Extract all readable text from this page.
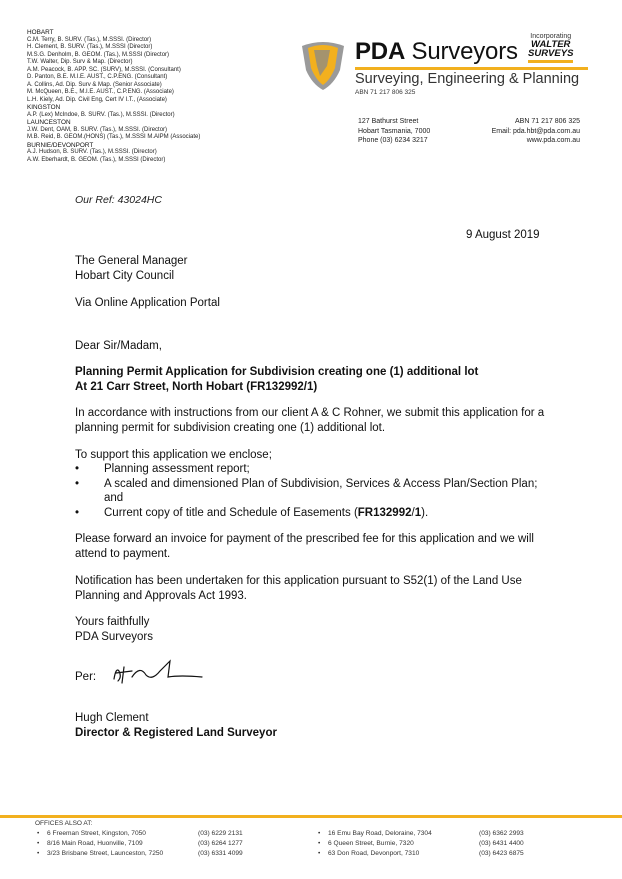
HOBART
C.M. Terry, B. SURV. (Tas.), M.SSSI. (Director)
H. Clement, B. SURV. (Tas.), M.SSSI (Director)
M.S.G. Denholm, B. GEOM. (Tas.), M.SSSI (Director)
T.W. Walter, Dip. Surv & Map. (Director)
A.M. Peacock, B. APP. SC. (SURV), M.SSSI. (Consultant)
D. Panton, B.E. M.I.E. AUST., C.P.ENG. (Consultant)
A. Collins, Ad. Dip. Surv & Map. (Senior Associate)
M. McQueen, B.E., M.I.E. AUST., C.P.ENG. (Associate)
L.H. Kiely, Ad. Dip. Civil Eng, Cert IV I.T., (Associate)
KINGSTON
A.P. (Lex) McIndoe, B. SURV. (Tas.), M.SSSI. (Director)
LAUNCESTON
J.W. Dent, OAM, B. SURV. (Tas.), M.SSSI. (Director)
M.B. Reid, B. GEOM.(HONS) (Tas.), M.SSSI M.AIPM (Associate)
BURNIE/DEVONPORT
A.J. Hudson, B. SURV. (Tas.), M.SSSI. (Director)
A.W. Eberhardt, B. GEOM. (Tas.), M.SSSI (Director)
PDA Surveyors
Surveying, Engineering & Planning
ABN 71 217 806 325
Incorporating
WALTER
SURVEYS
127 Bathurst Street
Hobart Tasmania, 7000
Phone (03) 6234 3217
ABN 71 217 806 325
Email: pda.hbt@pda.com.au
www.pda.com.au
Our Ref: 43024HC
9 August 2019
The General Manager
Hobart City Council
Via Online Application Portal
Dear Sir/Madam,
Planning Permit Application for Subdivision creating one (1) additional lot
At 21 Carr Street, North Hobart (FR132992/1)
In accordance with instructions from our client A & C Rohner, we submit this application for a planning permit for subdivision creating one (1) additional lot.
To support this application we enclose;
• Planning assessment report;
• A scaled and dimensioned Plan of Subdivision, Services & Access Plan/Section Plan; and
• Current copy of title and Schedule of Easements (FR132992/1).
Please forward an invoice for payment of the prescribed fee for this application and we will attend to payment.
Notification has been undertaken for this application pursuant to S52(1) of the Land Use Planning and Approvals Act 1993.
Yours faithfully
PDA Surveyors
Per:
Hugh Clement
Director & Registered Land Surveyor
OFFICES ALSO AT:
• 6 Freeman Street, Kingston, 7050	(03) 6229 2131
• 8/16 Main Road, Huonville, 7109	(03) 6264 1277
• 3/23 Brisbane Street, Launceston, 7250	(03) 6331 4099
• 16 Emu Bay Road, Deloraine, 7304	(03) 6362 2993
• 6 Queen Street, Burnie, 7320	(03) 6431 4400
• 63 Don Road, Devonport, 7310	(03) 6423 6875
